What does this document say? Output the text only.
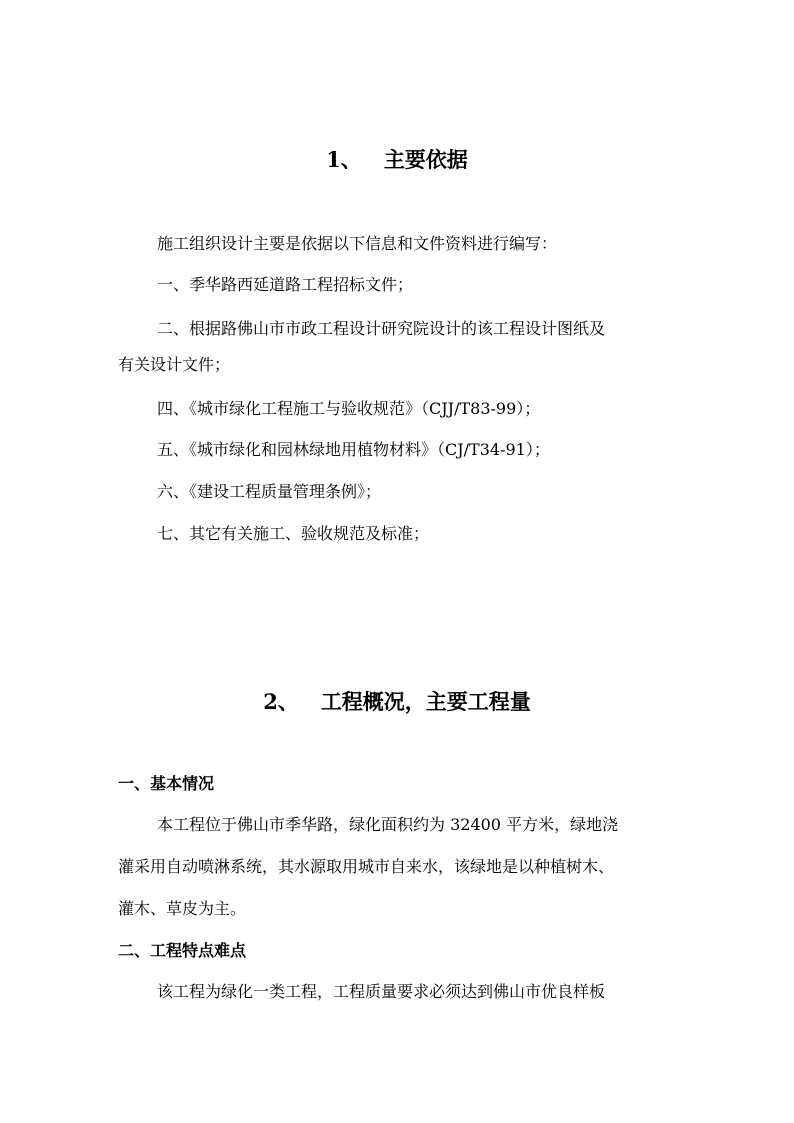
1、 主要依据
施工组织设计主要是依据以下信息和文件资料进行编写：
一、季华路西延道路工程招标文件；
二、根据路佛山市市政工程设计研究院设计的该工程设计图纸及
有关设计文件；
四、《城市绿化工程施工与验收规范》（CJJ/T83-99）；
五、《城市绿化和园林绿地用植物材料》（CJ/T34-91）；
六、《建设工程质量管理条例》；
七、其它有关施工、验收规范及标准；
2、 工程概况，主要工程量
一、基本情况
本工程位于佛山市季华路，绿化面积约为 32400 平方米，绿地浇
灌采用自动喷淋系统，其水源取用城市自来水，该绿地是以种植树木、
灌木、草皮为主。
二、工程特点难点
该工程为绿化一类工程，工程质量要求必须达到佛山市优良样板
